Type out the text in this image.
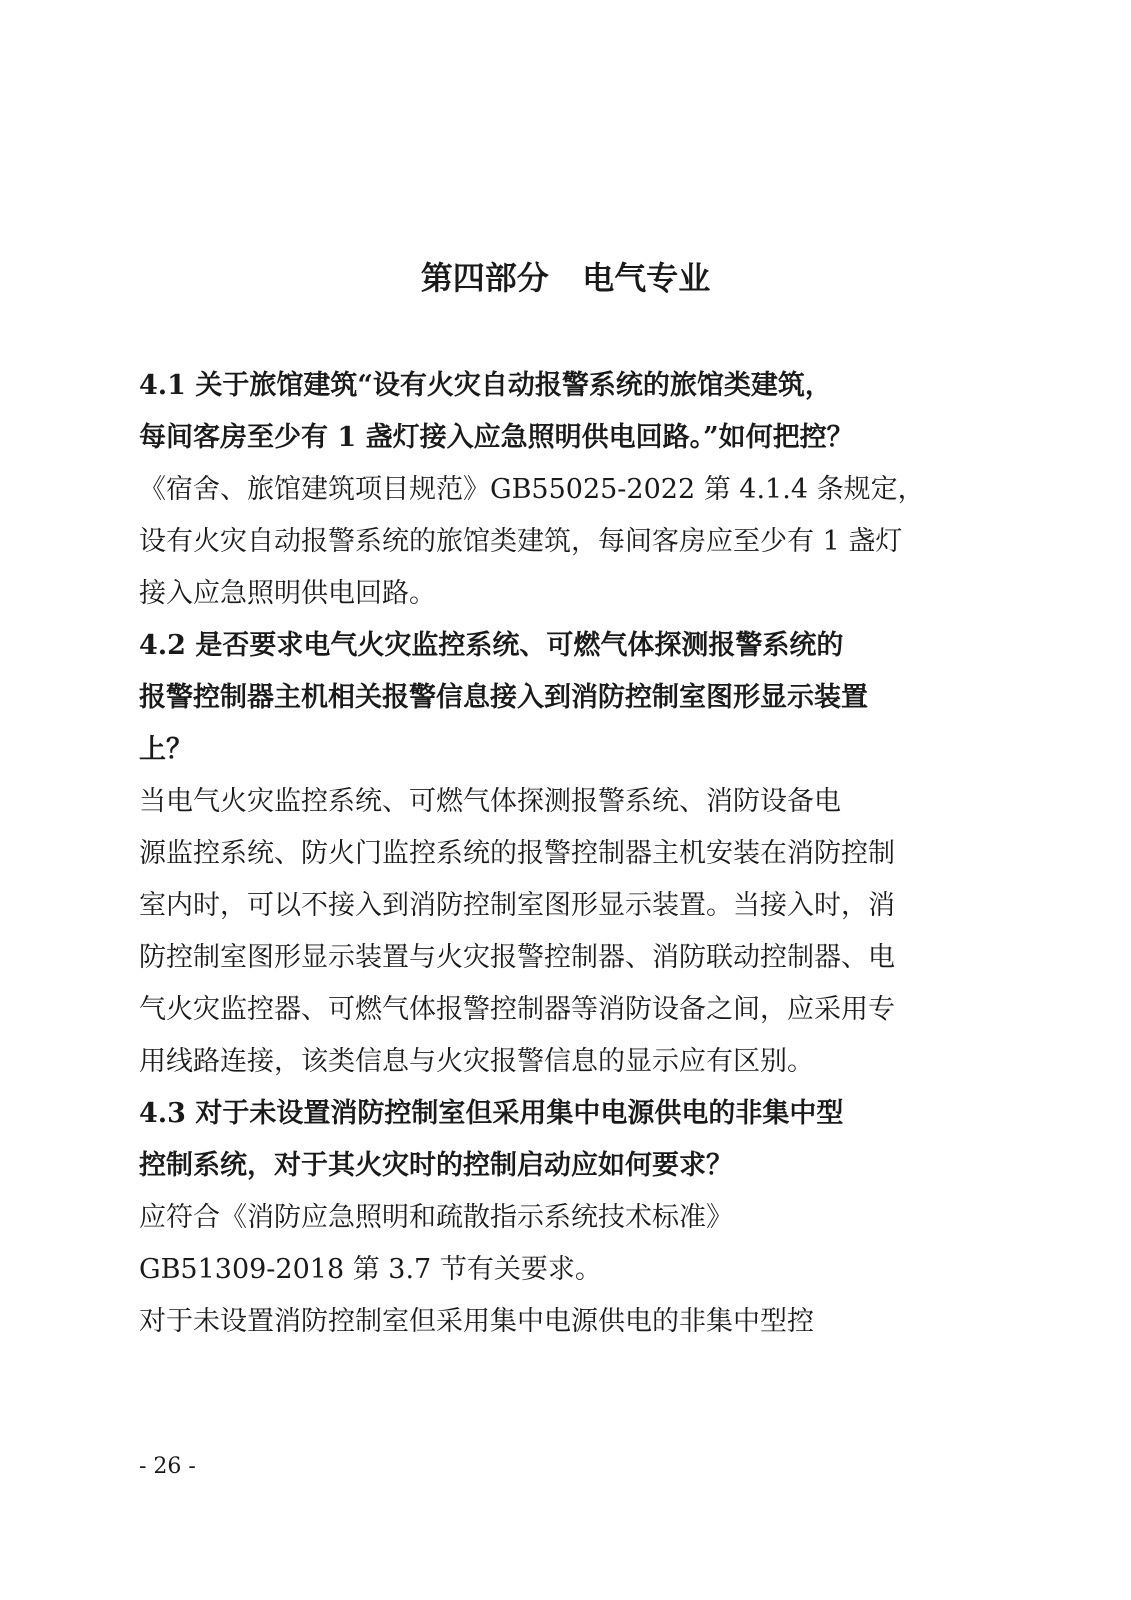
第四部分   电气专业

4.1 关于旅馆建筑“设有火灾自动报警系统的旅馆类建筑，

每间客房至少有 1 盏灯接入应急照明供电回路。”如何把控？

《宿舍、旅馆建筑项目规范》GB55025-2022 第 4.1.4 条规定，

设有火灾自动报警系统的旅馆类建筑，每间客房应至少有 1 盏灯

接入应急照明供电回路。

4.2 是否要求电气火灾监控系统、可燃气体探测报警系统的

报警控制器主机相关报警信息接入到消防控制室图形显示装置

上？

当电气火灾监控系统、可燃气体探测报警系统、消防设备电

源监控系统、防火门监控系统的报警控制器主机安装在消防控制

室内时，可以不接入到消防控制室图形显示装置。当接入时，消

防控制室图形显示装置与火灾报警控制器、消防联动控制器、电

气火灾监控器、可燃气体报警控制器等消防设备之间，应采用专

用线路连接，该类信息与火灾报警信息的显示应有区别。

4.3 对于未设置消防控制室但采用集中电源供电的非集中型

控制系统，对于其火灾时的控制启动应如何要求？

应符合《消防应急照明和疏散指示系统技术标准》

GB51309-2018 第 3.7 节有关要求。

对于未设置消防控制室但采用集中电源供电的非集中型控

- 26 -
